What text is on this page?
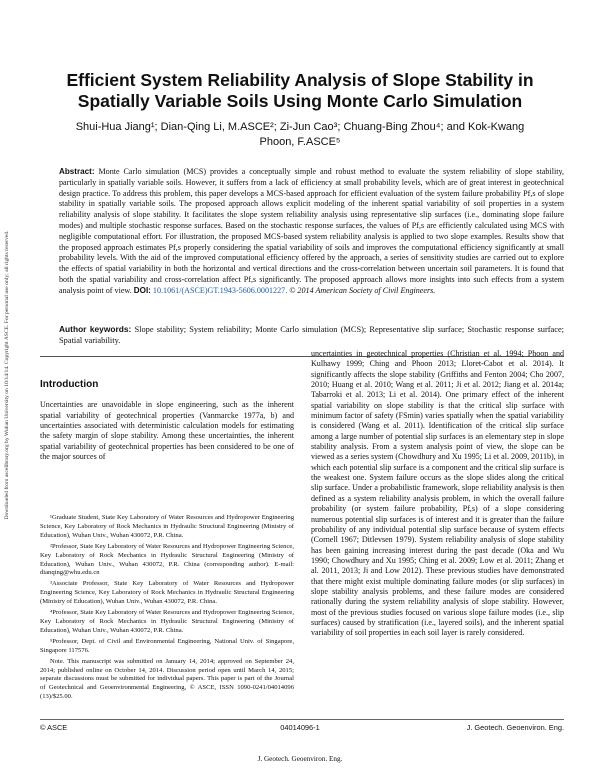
Downloaded from ascelibrary.org by Wuhan University on 10/14/14. Copyright ASCE. For personal use only; all rights reserved.
Efficient System Reliability Analysis of Slope Stability in Spatially Variable Soils Using Monte Carlo Simulation
Shui-Hua Jiang¹; Dian-Qing Li, M.ASCE²; Zi-Jun Cao³; Chuang-Bing Zhou⁴; and Kok-Kwang Phoon, F.ASCE⁵
Abstract: Monte Carlo simulation (MCS) provides a conceptually simple and robust method to evaluate the system reliability of slope stability, particularly in spatially variable soils. However, it suffers from a lack of efficiency at small probability levels, which are of great interest in geotechnical design practice. To address this problem, this paper develops a MCS-based approach for efficient evaluation of the system failure probability Pf,s of slope stability in spatially variable soils. The proposed approach allows explicit modeling of the inherent spatial variability of soil properties in a system reliability analysis of slope stability. It facilitates the slope system reliability analysis using representative slip surfaces (i.e., dominating slope failure modes) and multiple stochastic response surfaces. Based on the stochastic response surfaces, the values of Pf,s are efficiently calculated using MCS with negligible computational effort. For illustration, the proposed MCS-based system reliability analysis is applied to two slope examples. Results show that the proposed approach estimates Pf,s properly considering the spatial variability of soils and improves the computational efficiency significantly at small probability levels. With the aid of the improved computational efficiency offered by the approach, a series of sensitivity studies are carried out to explore the effects of spatial variability in both the horizontal and vertical directions and the cross-correlation between uncertain soil parameters. It is found that both the spatial variability and cross-correlation affect Pf,s significantly. The proposed approach allows more insights into such effects from a system analysis point of view. DOI: 10.1061/(ASCE)GT.1943-5606.0001227. © 2014 American Society of Civil Engineers.
Author keywords: Slope stability; System reliability; Monte Carlo simulation (MCS); Representative slip surface; Stochastic response surface; Spatial variability.
Introduction

Uncertainties are unavoidable in slope engineering, such as the inherent spatial variability of geotechnical properties (Vanmarcke 1977a, b) and uncertainties associated with deterministic calculation models for estimating the safety margin of slope stability. Among these uncertainties, the inherent spatial variability of geotechnical properties has been considered to be one of the major sources of

¹Graduate Student, State Key Laboratory of Water Resources and Hydropower Engineering Science, Key Laboratory of Rock Mechanics in Hydraulic Structural Engineering (Ministry of Education), Wuhan Univ., Wuhan 430072, P.R. China.

²Professor, State Key Laboratory of Water Resources and Hydropower Engineering Science, Key Laboratory of Rock Mechanics in Hydraulic Structural Engineering (Ministry of Education), Wuhan Univ., Wuhan 430072, P.R. China (corresponding author). E-mail: dianqing@whu.edu.cn

³Associate Professor, State Key Laboratory of Water Resources and Hydropower Engineering Science, Key Laboratory of Rock Mechanics in Hydraulic Structural Engineering (Ministry of Education), Wuhan Univ., Wuhan 430072, P.R. China.

⁴Professor, State Key Laboratory of Water Resources and Hydropower Engineering Science, Key Laboratory of Rock Mechanics in Hydraulic Structural Engineering (Ministry of Education), Wuhan Univ., Wuhan 430072, P.R. China.

⁵Professor, Dept. of Civil and Environmental Engineering, National Univ. of Singapore, Singapore 117576.

Note. This manuscript was submitted on January 14, 2014; approved on September 24, 2014; published online on October 14, 2014. Discussion period open until March 14, 2015; separate discussions must be submitted for individual papers. This paper is part of the Journal of Geotechnical and Geoenvironmental Engineering, © ASCE, ISSN 1090-0241/04014096 (13)/$25.00.

uncertainties in geotechnical properties (Christian et al. 1994; Phoon and Kulhawy 1999; Ching and Phoon 2013; Lloret-Cabot et al. 2014). It significantly affects the slope stability (Griffiths and Fenton 2004; Cho 2007, 2010; Huang et al. 2010; Wang et al. 2011; Ji et al. 2012; Jiang et al. 2014a; Tabarroki et al. 2013; Li et al. 2014). One primary effect of the inherent spatial variability on slope stability is that the critical slip surface with minimum factor of safety (FSmin) varies spatially when the spatial variability is considered (Wang et al. 2011). Identification of the critical slip surface among a large number of potential slip surfaces is an elementary step in slope stability analysis. From a system analysis point of view, the slope can be viewed as a series system (Chowdhury and Xu 1995; Li et al. 2009, 2011b), in which each potential slip surface is a component and the critical slip surface is the weakest one. System failure occurs as the slope slides along the critical slip surface. Under a probabilistic framework, slope reliability analysis is then defined as a system reliability analysis problem, in which the overall failure probability (or system failure probability, Pf,s) of a slope considering numerous potential slip surfaces is of interest and it is greater than the failure probability of any individual potential slip surface because of system effects (Cornell 1967; Ditlevsen 1979). System reliability analysis of slope stability has been gaining increasing interest during the past decade (Oka and Wu 1990; Chowdhury and Xu 1995; Ching et al. 2009; Low et al. 2011; Zhang et al. 2011, 2013; Ji and Low 2012). These previous studies have demonstrated that there might exist multiple dominating failure modes (or slip surfaces) in slope stability analysis problems, and these failure modes are considered rationally during the system reliability analysis of slope stability. However, most of the previous studies focused on various slope failure modes (i.e., slip surfaces) caused by stratification (i.e., layered soils), and the inherent spatial variability of soil properties in each soil layer is rarely considered.

© ASCE	04014096-1	J. Geotech. Geoenviron. Eng.
J. Geotech. Geoenviron. Eng.
